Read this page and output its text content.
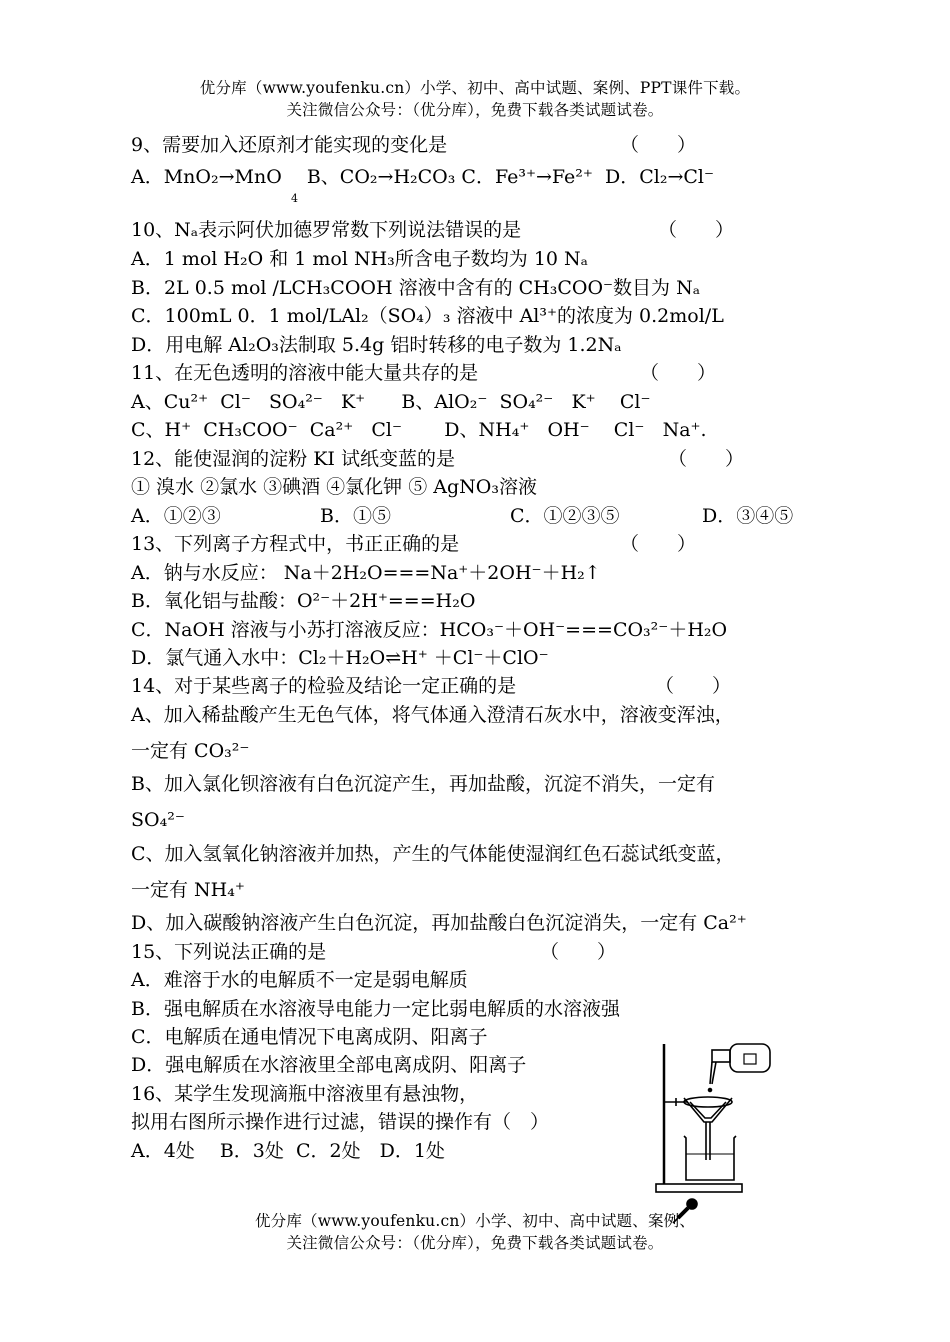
优分库（www.youfenku.cn）小学、初中、高中试题、案例、PPT课件下载。
关注微信公众号：（优分库），免费下载各类试题试卷。
9、需要加入还原剂才能实现的变化是	（　　）
A．MnO₂→MnO　 B、CO₂→H₂CO₃ C．Fe³⁺→Fe²⁺  D．Cl₂→Cl⁻
4
10、Nₐ表示阿伏加德罗常数下列说法错误的是	（　　）
A．1 mol H₂O 和 1 mol NH₃所含电子数均为 10 Nₐ
B．2L 0.5 mol /LCH₃COOH 溶液中含有的 CH₃COO⁻数目为 Nₐ
C．100mL 0．1 mol/LAl₂（SO₄）₃ 溶液中 Al³⁺的浓度为 0.2mol/L
D．用电解 Al₂O₃法制取 5.4g 铝时转移的电子数为 1.2Nₐ
11、在无色透明的溶液中能大量共存的是	（　　）
A、Cu²⁺  Cl⁻   SO₄²⁻   K⁺      B、AlO₂⁻  SO₄²⁻   K⁺    Cl⁻
C、H⁺  CH₃COO⁻  Ca²⁺   Cl⁻       D、NH₄⁺   OH⁻    Cl⁻   Na⁺.
12、能使湿润的淀粉 KI 试纸变蓝的是	（　　）
① 溴水 ②氯水 ③碘酒 ④氯化钾 ⑤ AgNO₃溶液
A．①②③	B．①⑤	C．①②③⑤	D．③④⑤
13、下列离子方程式中，书正正确的是	（　　）
A．钠与水反应： Na＋2H₂O===Na⁺＋2OH⁻＋H₂↑
B．氧化铝与盐酸：O²⁻＋2H⁺===H₂O
C．NaOH 溶液与小苏打溶液反应：HCO₃⁻＋OH⁻===CO₃²⁻＋H₂O
D．氯气通入水中：Cl₂＋H₂O⇌H⁺ ＋Cl⁻＋ClO⁻
14、对于某些离子的检验及结论一定正确的是	（　　）
A、加入稀盐酸产生无色气体，将气体通入澄清石灰水中，溶液变浑浊，
一定有 CO₃²⁻
B、加入氯化钡溶液有白色沉淀产生，再加盐酸，沉淀不消失，一定有
SO₄²⁻
C、加入氢氧化钠溶液并加热，产生的气体能使湿润红色石蕊试纸变蓝，
一定有 NH₄⁺
D、加入碳酸钠溶液产生白色沉淀，再加盐酸白色沉淀消失，一定有 Ca²⁺
15、下列说法正确的是	（　　）
A．难溶于水的电解质不一定是弱电解质
B．强电解质在水溶液导电能力一定比弱电解质的水溶液强
C．电解质在通电情况下电离成阴、阳离子
D．强电解质在水溶液里全部电离成阴、阳离子
16、某学生发现滴瓶中溶液里有悬浊物，
拟用右图所示操作进行过滤，错误的操作有（　）
A．4处　 B．3处  C．2处　D．1处
优分库（www.youfenku.cn）小学、初中、高中试题、案例、
关注微信公众号：（优分库），免费下载各类试题试卷。
